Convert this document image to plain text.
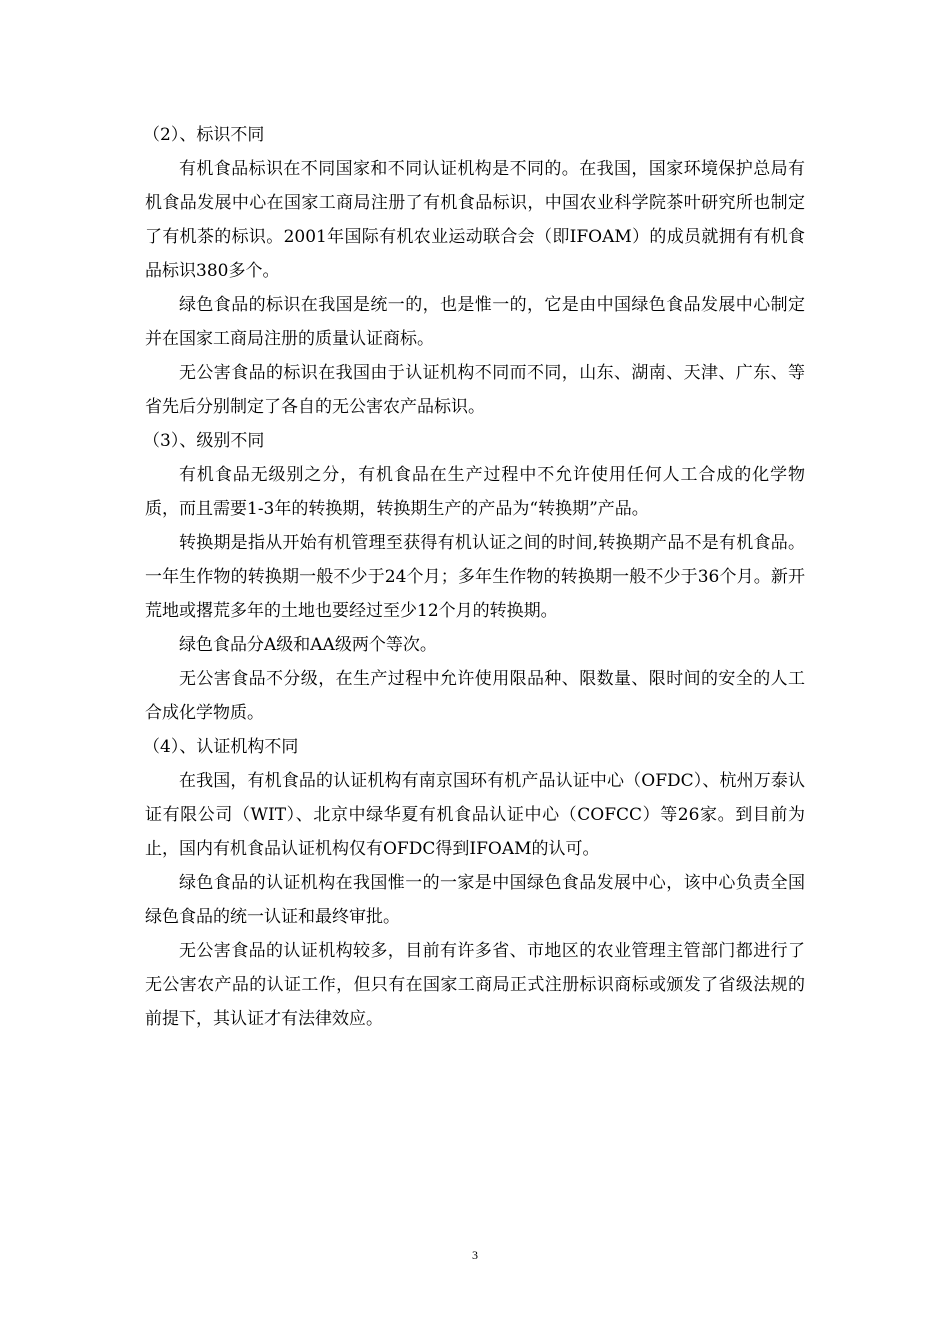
（2）、标识不同

有机食品标识在不同国家和不同认证机构是不同的。在我国，国家环境保护总局有机食品发展中心在国家工商局注册了有机食品标识，中国农业科学院茶叶研究所也制定了有机茶的标识。2001年国际有机农业运动联合会（即IFOAM）的成员就拥有有机食品标识380多个。

绿色食品的标识在我国是统一的，也是惟一的，它是由中国绿色食品发展中心制定并在国家工商局注册的质量认证商标。

无公害食品的标识在我国由于认证机构不同而不同，山东、湖南、天津、广东、等省先后分别制定了各自的无公害农产品标识。

（3）、级别不同

有机食品无级别之分，有机食品在生产过程中不允许使用任何人工合成的化学物质，而且需要1-3年的转换期，转换期生产的产品为“转换期”产品。

转换期是指从开始有机管理至获得有机认证之间的时间,转换期产品不是有机食品。一年生作物的转换期一般不少于24个月；多年生作物的转换期一般不少于36个月。新开荒地或撂荒多年的土地也要经过至少12个月的转换期。

绿色食品分A级和AA级两个等次。

无公害食品不分级，在生产过程中允许使用限品种、限数量、限时间的安全的人工合成化学物质。

（4）、认证机构不同

在我国，有机食品的认证机构有南京国环有机产品认证中心（OFDC）、杭州万泰认证有限公司（WIT）、北京中绿华夏有机食品认证中心（COFCC）等26家。到目前为止，国内有机食品认证机构仅有OFDC得到IFOAM的认可。

绿色食品的认证机构在我国惟一的一家是中国绿色食品发展中心，该中心负责全国绿色食品的统一认证和最终审批。

无公害食品的认证机构较多，目前有许多省、市地区的农业管理主管部门都进行了无公害农产品的认证工作，但只有在国家工商局正式注册标识商标或颁发了省级法规的前提下，其认证才有法律效应。

3
